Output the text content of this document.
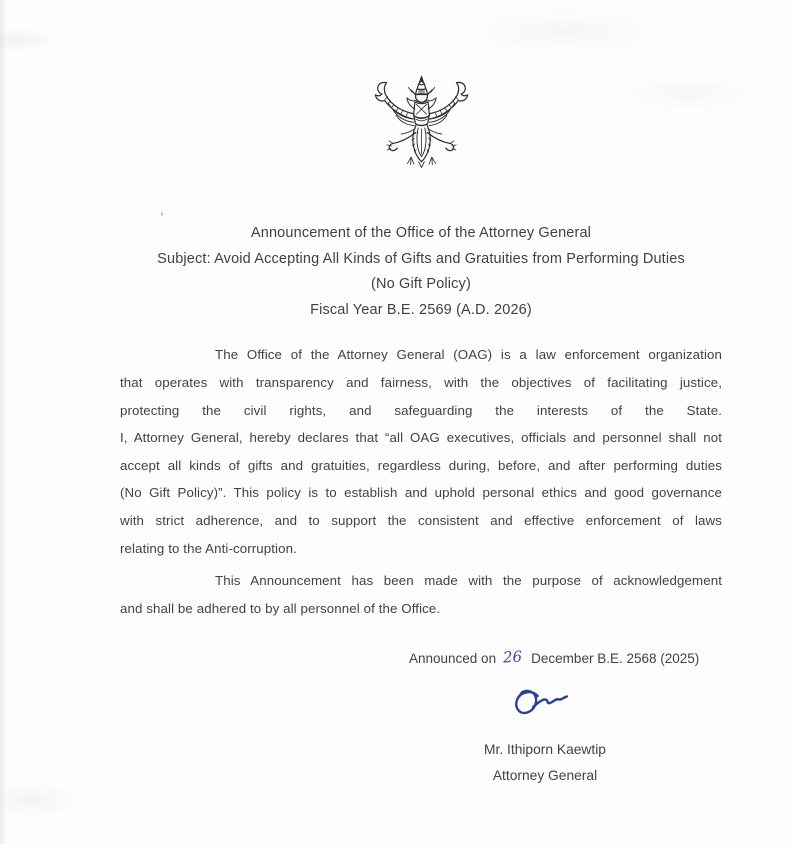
Announcement of the Office of the Attorney General
Subject: Avoid Accepting All Kinds of Gifts and Gratuities from Performing Duties
(No Gift Policy)
Fiscal Year B.E. 2569 (A.D. 2026)
The Office of the Attorney General (OAG) is a law enforcement organization
that operates with transparency and fairness, with the objectives of facilitating justice,
protecting the civil rights, and safeguarding the interests of the State.
I, Attorney General, hereby declares that “all OAG executives, officials and personnel shall not
accept all kinds of gifts and gratuities, regardless during, before, and after performing duties
(No Gift Policy)”. This policy is to establish and uphold personal ethics and good governance
with strict adherence, and to support the consistent and effective enforcement of laws
relating to the Anti-corruption.
This Announcement has been made with the purpose of acknowledgement
and shall be adhered to by all personnel of the Office.
Announced on 26 December B.E. 2568 (2025)
Mr. Ithiporn Kaewtip
Attorney General
